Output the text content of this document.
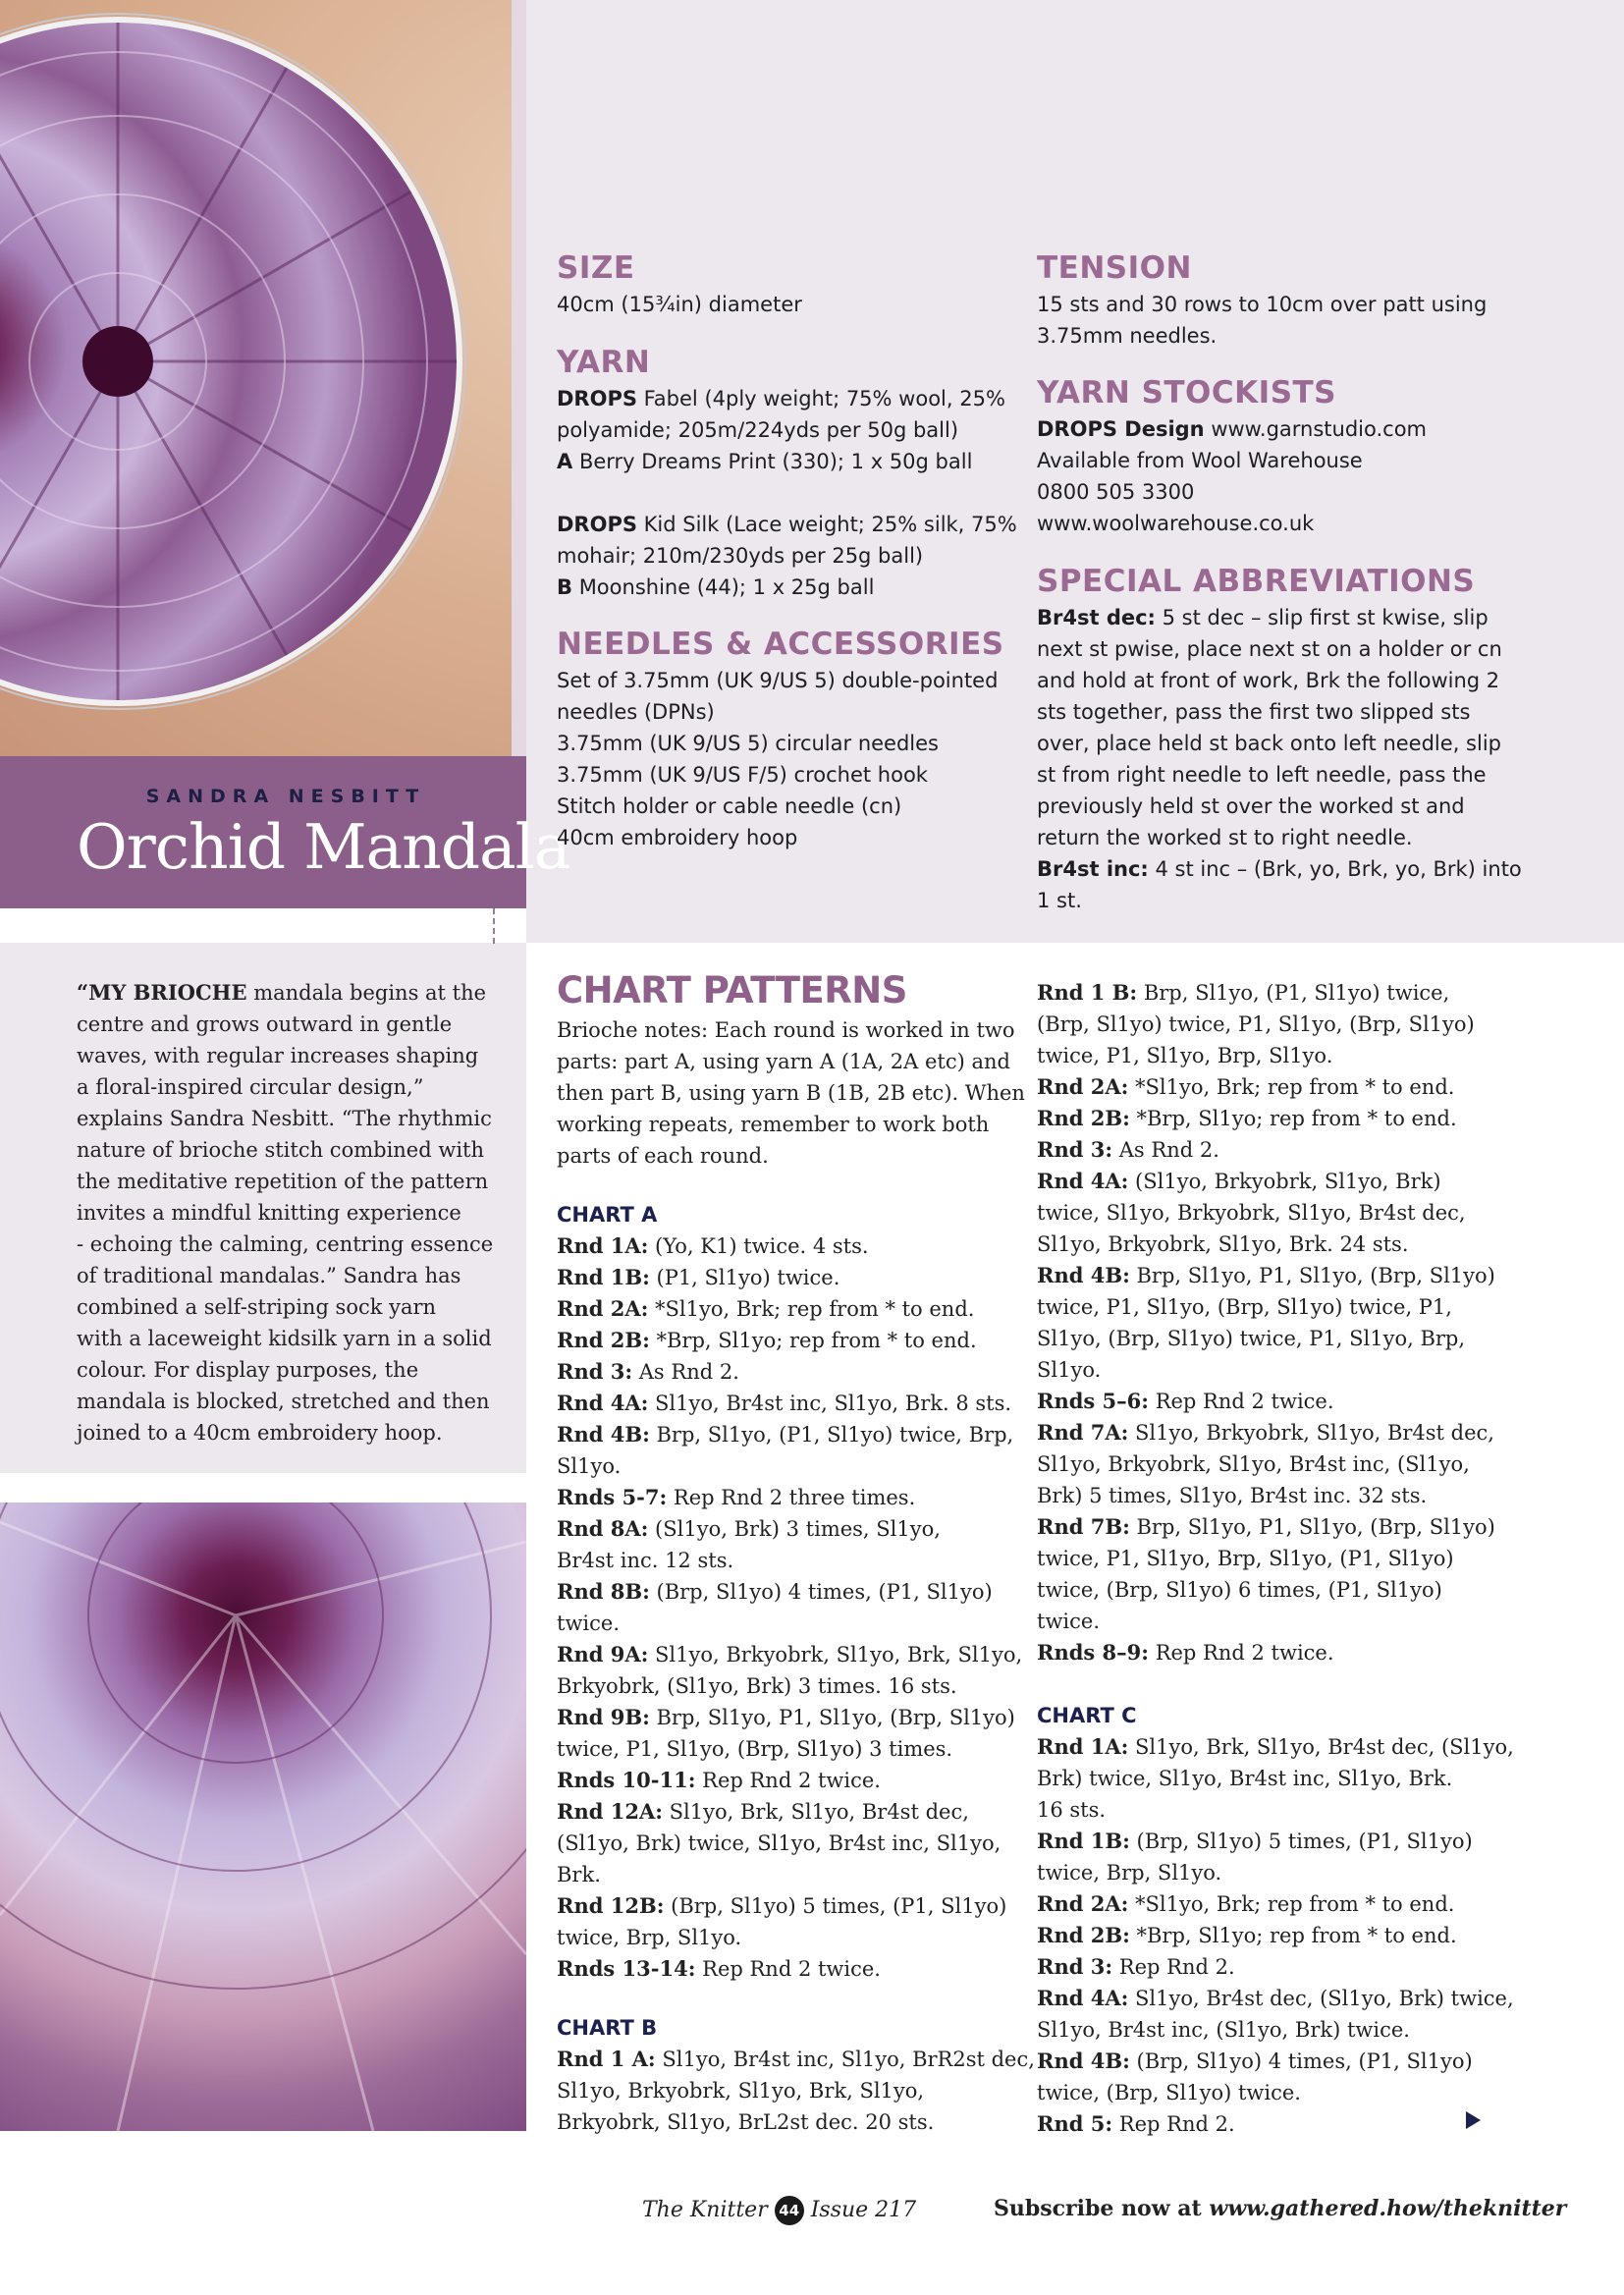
SANDRA NESBITT
Orchid Mandala
SIZE
40cm (15¾in) diameter
YARN
DROPS Fabel (4ply weight; 75% wool, 25%
polyamide; 205m/224yds per 50g ball)
A Berry Dreams Print (330); 1 x 50g ball
DROPS Kid Silk (Lace weight; 25% silk, 75%
mohair; 210m/230yds per 25g ball)
B Moonshine (44); 1 x 25g ball
NEEDLES & ACCESSORIES
Set of 3.75mm (UK 9/US 5) double-pointed
needles (DPNs)
3.75mm (UK 9/US 5) circular needles
3.75mm (UK 9/US F/5) crochet hook
Stitch holder or cable needle (cn)
40cm embroidery hoop
TENSION
15 sts and 30 rows to 10cm over patt using
3.75mm needles.
YARN STOCKISTS
DROPS Design www.garnstudio.com
Available from Wool Warehouse
0800 505 3300
www.woolwarehouse.co.uk
SPECIAL ABBREVIATIONS
Br4st dec: 5 st dec – slip first st kwise, slip
next st pwise, place next st on a holder or cn
and hold at front of work, Brk the following 2
sts together, pass the first two slipped sts
over, place held st back onto left needle, slip
st from right needle to left needle, pass the
previously held st over the worked st and
return the worked st to right needle.
Br4st inc: 4 st inc – (Brk, yo, Brk, yo, Brk) into
1 st.
“MY BRIOCHE mandala begins at the
centre and grows outward in gentle
waves, with regular increases shaping
a floral-inspired circular design,”
explains Sandra Nesbitt. “The rhythmic
nature of brioche stitch combined with
the meditative repetition of the pattern
invites a mindful knitting experience
- echoing the calming, centring essence
of traditional mandalas.” Sandra has
combined a self-striping sock yarn
with a laceweight kidsilk yarn in a solid
colour. For display purposes, the
mandala is blocked, stretched and then
joined to a 40cm embroidery hoop.
CHART PATTERNS
Brioche notes: Each round is worked in two
parts: part A, using yarn A (1A, 2A etc) and
then part B, using yarn B (1B, 2B etc). When
working repeats, remember to work both
parts of each round.
CHART A
Rnd 1A: (Yo, K1) twice. 4 sts.
Rnd 1B: (P1, Sl1yo) twice.
Rnd 2A: *Sl1yo, Brk; rep from * to end.
Rnd 2B: *Brp, Sl1yo; rep from * to end.
Rnd 3: As Rnd 2.
Rnd 4A: Sl1yo, Br4st inc, Sl1yo, Brk. 8 sts.
Rnd 4B: Brp, Sl1yo, (P1, Sl1yo) twice, Brp,
Sl1yo.
Rnds 5-7: Rep Rnd 2 three times.
Rnd 8A: (Sl1yo, Brk) 3 times, Sl1yo,
Br4st inc. 12 sts.
Rnd 8B: (Brp, Sl1yo) 4 times, (P1, Sl1yo)
twice.
Rnd 9A: Sl1yo, Brkyobrk, Sl1yo, Brk, Sl1yo,
Brkyobrk, (Sl1yo, Brk) 3 times. 16 sts.
Rnd 9B: Brp, Sl1yo, P1, Sl1yo, (Brp, Sl1yo)
twice, P1, Sl1yo, (Brp, Sl1yo) 3 times.
Rnds 10-11: Rep Rnd 2 twice.
Rnd 12A: Sl1yo, Brk, Sl1yo, Br4st dec,
(Sl1yo, Brk) twice, Sl1yo, Br4st inc, Sl1yo,
Brk.
Rnd 12B: (Brp, Sl1yo) 5 times, (P1, Sl1yo)
twice, Brp, Sl1yo.
Rnds 13-14: Rep Rnd 2 twice.
CHART B
Rnd 1 A: Sl1yo, Br4st inc, Sl1yo, BrR2st dec,
Sl1yo, Brkyobrk, Sl1yo, Brk, Sl1yo,
Brkyobrk, Sl1yo, BrL2st dec. 20 sts.
Rnd 1 B: Brp, Sl1yo, (P1, Sl1yo) twice,
(Brp, Sl1yo) twice, P1, Sl1yo, (Brp, Sl1yo)
twice, P1, Sl1yo, Brp, Sl1yo.
Rnd 2A: *Sl1yo, Brk; rep from * to end.
Rnd 2B: *Brp, Sl1yo; rep from * to end.
Rnd 3: As Rnd 2.
Rnd 4A: (Sl1yo, Brkyobrk, Sl1yo, Brk)
twice, Sl1yo, Brkyobrk, Sl1yo, Br4st dec,
Sl1yo, Brkyobrk, Sl1yo, Brk. 24 sts.
Rnd 4B: Brp, Sl1yo, P1, Sl1yo, (Brp, Sl1yo)
twice, P1, Sl1yo, (Brp, Sl1yo) twice, P1,
Sl1yo, (Brp, Sl1yo) twice, P1, Sl1yo, Brp,
Sl1yo.
Rnds 5–6: Rep Rnd 2 twice.
Rnd 7A: Sl1yo, Brkyobrk, Sl1yo, Br4st dec,
Sl1yo, Brkyobrk, Sl1yo, Br4st inc, (Sl1yo,
Brk) 5 times, Sl1yo, Br4st inc. 32 sts.
Rnd 7B: Brp, Sl1yo, P1, Sl1yo, (Brp, Sl1yo)
twice, P1, Sl1yo, Brp, Sl1yo, (P1, Sl1yo)
twice, (Brp, Sl1yo) 6 times, (P1, Sl1yo)
twice.
Rnds 8–9: Rep Rnd 2 twice.
CHART C
Rnd 1A: Sl1yo, Brk, Sl1yo, Br4st dec, (Sl1yo,
Brk) twice, Sl1yo, Br4st inc, Sl1yo, Brk.
16 sts.
Rnd 1B: (Brp, Sl1yo) 5 times, (P1, Sl1yo)
twice, Brp, Sl1yo.
Rnd 2A: *Sl1yo, Brk; rep from * to end.
Rnd 2B: *Brp, Sl1yo; rep from * to end.
Rnd 3: Rep Rnd 2.
Rnd 4A: Sl1yo, Br4st dec, (Sl1yo, Brk) twice,
Sl1yo, Br4st inc, (Sl1yo, Brk) twice.
Rnd 4B: (Brp, Sl1yo) 4 times, (P1, Sl1yo)
twice, (Brp, Sl1yo) twice.
Rnd 5: Rep Rnd 2.
The Knitter 44 Issue 217	Subscribe now at www.gathered.how/theknitter
